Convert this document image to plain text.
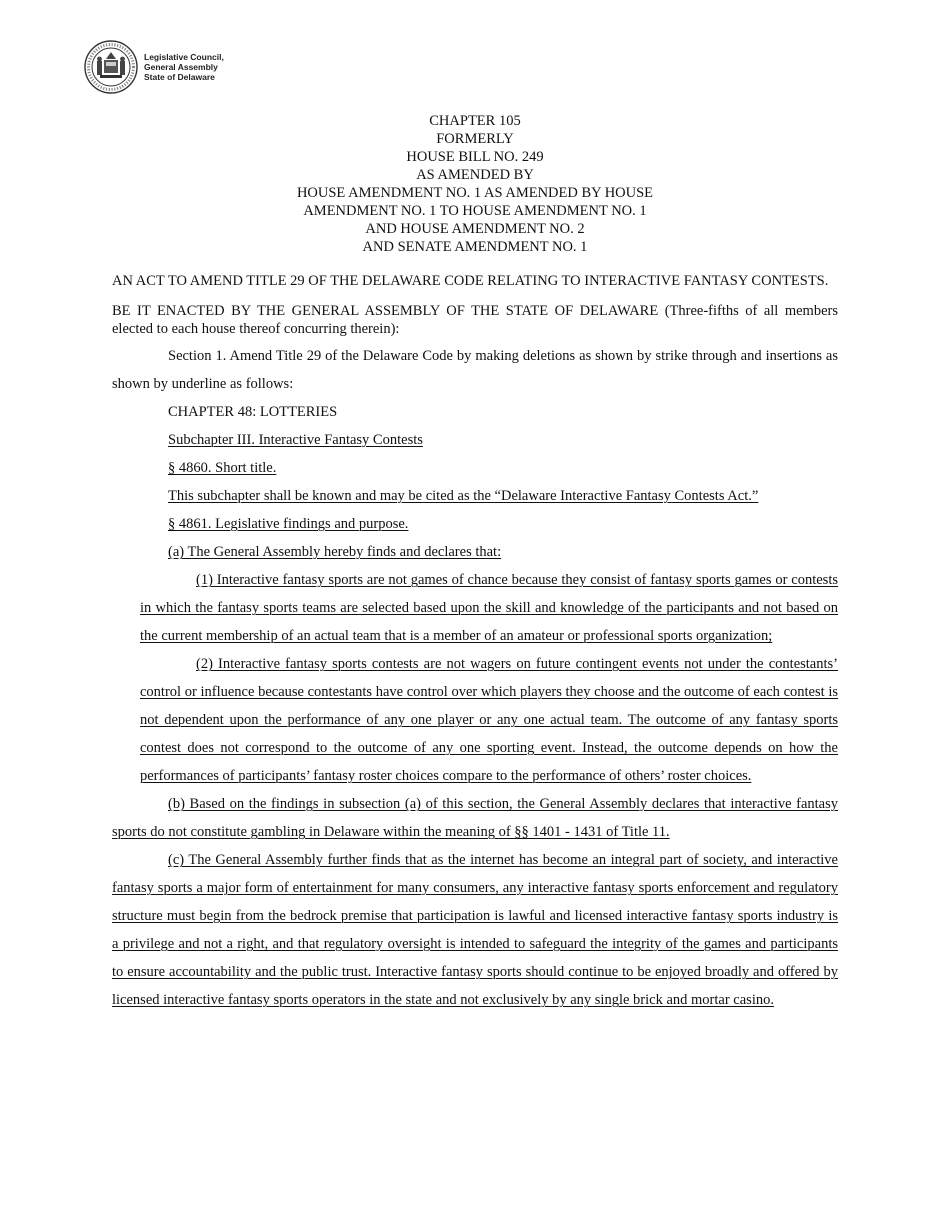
Legislative Council,
General Assembly
State of Delaware
CHAPTER 105
FORMERLY
HOUSE BILL NO. 249
AS AMENDED BY
HOUSE AMENDMENT NO. 1 AS AMENDED BY HOUSE
AMENDMENT NO. 1 TO HOUSE AMENDMENT NO. 1
AND HOUSE AMENDMENT NO. 2
AND SENATE AMENDMENT NO. 1

AN ACT TO AMEND TITLE 29 OF THE DELAWARE CODE RELATING TO INTERACTIVE FANTASY CONTESTS.

BE IT ENACTED BY THE GENERAL ASSEMBLY OF THE STATE OF DELAWARE (Three-fifths of all members elected to each house thereof concurring therein):

Section 1. Amend Title 29 of the Delaware Code by making deletions as shown by strike through and insertions as shown by underline as follows:

CHAPTER 48: LOTTERIES

Subchapter III. Interactive Fantasy Contests

§ 4860. Short title.

This subchapter shall be known and may be cited as the “Delaware Interactive Fantasy Contests Act.”

§ 4861. Legislative findings and purpose.

(a) The General Assembly hereby finds and declares that:

(1) Interactive fantasy sports are not games of chance because they consist of fantasy sports games or contests in which the fantasy sports teams are selected based upon the skill and knowledge of the participants and not based on the current membership of an actual team that is a member of an amateur or professional sports organization;

(2) Interactive fantasy sports contests are not wagers on future contingent events not under the contestants’ control or influence because contestants have control over which players they choose and the outcome of each contest is not dependent upon the performance of any one player or any one actual team. The outcome of any fantasy sports contest does not correspond to the outcome of any one sporting event. Instead, the outcome depends on how the performances of participants’ fantasy roster choices compare to the performance of others’ roster choices.

(b) Based on the findings in subsection (a) of this section, the General Assembly declares that interactive fantasy sports do not constitute gambling in Delaware within the meaning of §§ 1401 - 1431 of Title 11.

(c) The General Assembly further finds that as the internet has become an integral part of society, and interactive fantasy sports a major form of entertainment for many consumers, any interactive fantasy sports enforcement and regulatory structure must begin from the bedrock premise that participation is lawful and licensed interactive fantasy sports industry is a privilege and not a right, and that regulatory oversight is intended to safeguard the integrity of the games and participants to ensure accountability and the public trust. Interactive fantasy sports should continue to be enjoyed broadly and offered by licensed interactive fantasy sports operators in the state and not exclusively by any single brick and mortar casino.
